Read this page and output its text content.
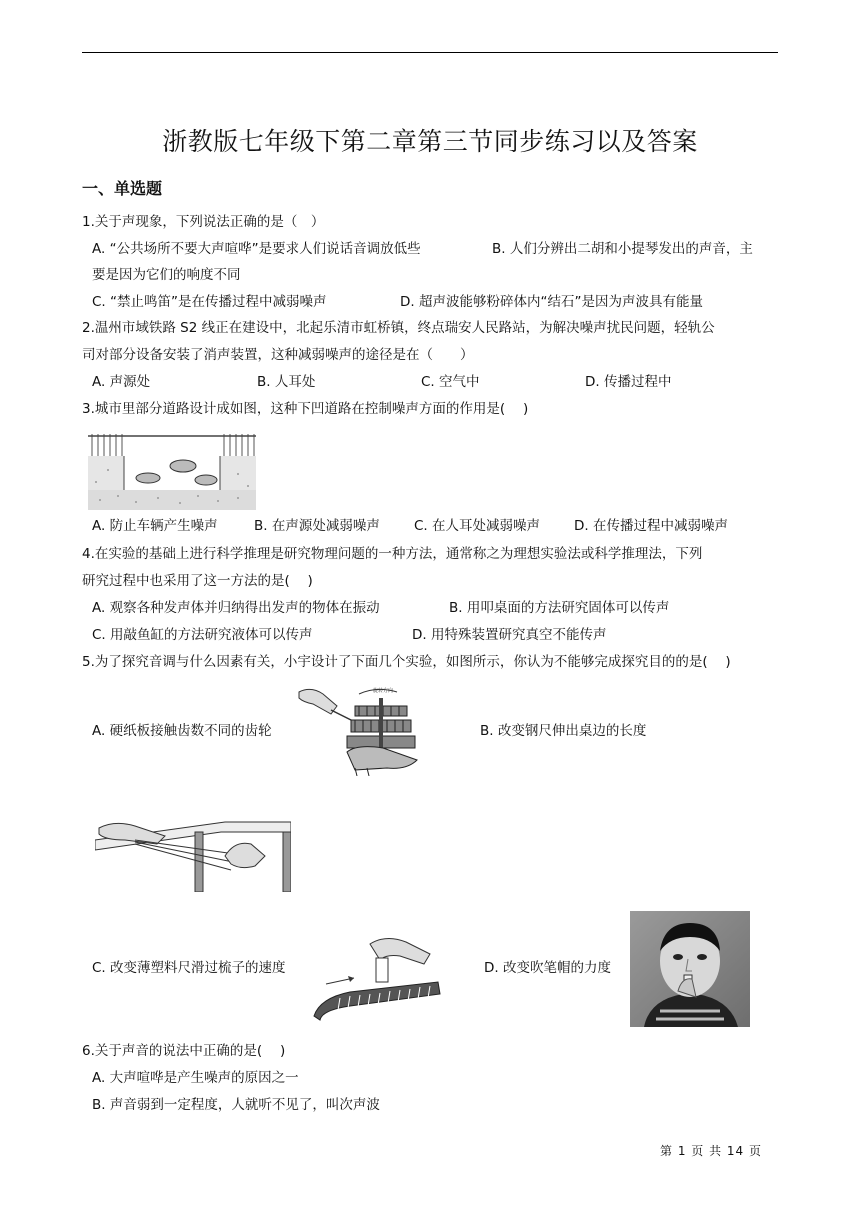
浙教版七年级下第二章第三节同步练习以及答案
一、单选题
1.关于声现象，下列说法正确的是（　）
A. “公共场所不要大声喧哗”是要求人们说话音调放低些	B. 人们分辨出二胡和小提琴发出的声音，主
要是因为它们的响度不同
C. “禁止鸣笛”是在传播过程中减弱噪声	D. 超声波能够粉碎体内“结石”是因为声波具有能量
2.温州市域铁路 S2 线正在建设中，北起乐清市虹桥镇，终点瑞安人民路站，为解决噪声扰民问题，轻轨公
司对部分设备安装了消声装置，这种减弱噪声的途径是在（　　）
A. 声源处	B. 人耳处	C. 空气中	D. 传播过程中
3.城市里部分道路设计成如图，这种下凹道路在控制噪声方面的作用是(　 )
A. 防止车辆产生噪声	B. 在声源处减弱噪声	C. 在人耳处减弱噪声	D. 在传播过程中减弱噪声
4.在实验的基础上进行科学推理是研究物理问题的一种方法，通常称之为理想实验法或科学推理法，下列
研究过程中也采用了这一方法的是(　 )
A. 观察各种发声体并归纳得出发声的物体在振动	B. 用叩桌面的方法研究固体可以传声
C. 用敲鱼缸的方法研究液体可以传声	D. 用特殊装置研究真空不能传声
5.为了探究音调与什么因素有关，小宇设计了下面几个实验，如图所示，你认为不能够完成探究目的的是(　 )
A. 硬纸板接触齿数不同的齿轮
旋转方向
B. 改变钢尺伸出桌边的长度
C. 改变薄塑料尺滑过梳子的速度	D. 改变吹笔帽的力度
6.关于声音的说法中正确的是(　 )
A. 大声喧哗是产生噪声的原因之一
B. 声音弱到一定程度，人就听不见了，叫次声波
第 1 页 共 14 页
